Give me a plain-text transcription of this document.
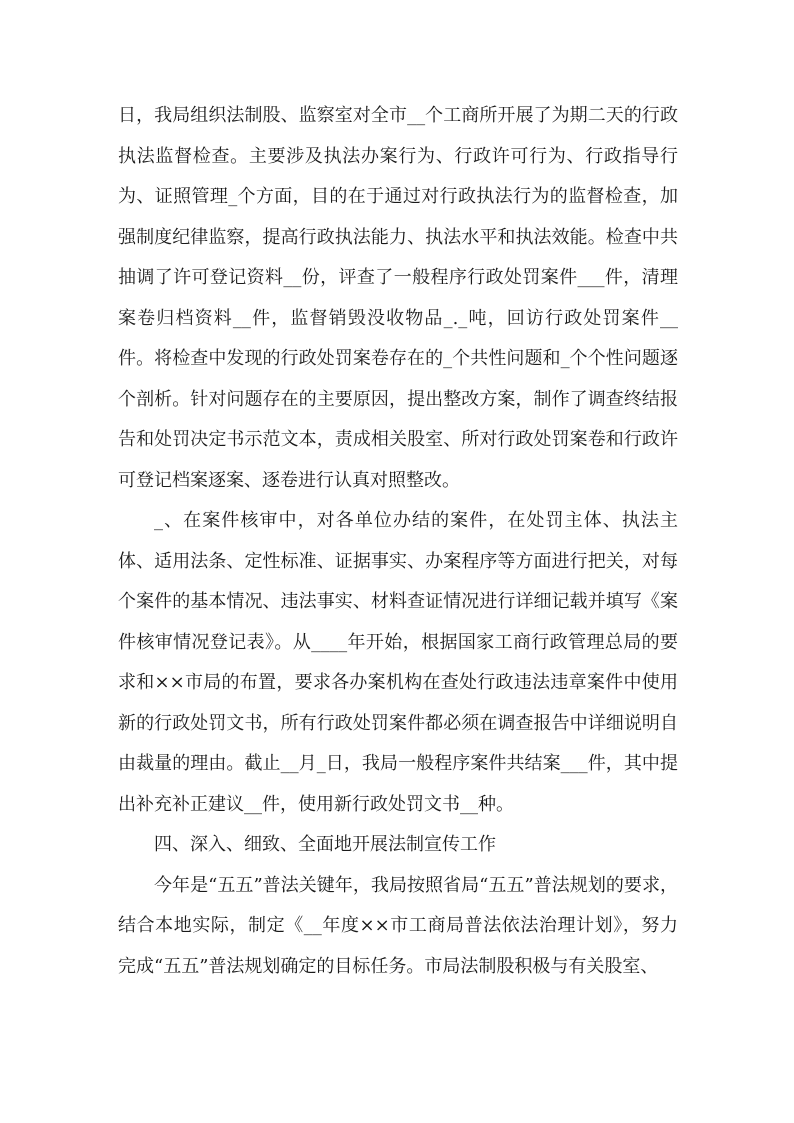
日，我局组织法制股、监察室对全市__个工商所开展了为期二天的行政执法监督检查。主要涉及执法办案行为、行政许可行为、行政指导行为、证照管理_个方面，目的在于通过对行政执法行为的监督检查，加强制度纪律监察，提高行政执法能力、执法水平和执法效能。检查中共抽调了许可登记资料__份，评查了一般程序行政处罚案件___件，清理案卷归档资料__件，监督销毁没收物品_._吨，回访行政处罚案件__件。将检查中发现的行政处罚案卷存在的_个共性问题和_个个性问题逐个剖析。针对问题存在的主要原因，提出整改方案，制作了调查终结报告和处罚决定书示范文本，责成相关股室、所对行政处罚案卷和行政许可登记档案逐案、逐卷进行认真对照整改。

_、在案件核审中，对各单位办结的案件，在处罚主体、执法主体、适用法条、定性标准、证据事实、办案程序等方面进行把关，对每个案件的基本情况、违法事实、材料查证情况进行详细记载并填写《案件核审情况登记表》。从____年开始，根据国家工商行政管理总局的要求和××市局的布置，要求各办案机构在查处行政违法违章案件中使用新的行政处罚文书，所有行政处罚案件都必须在调查报告中详细说明自由裁量的理由。截止__月_日，我局一般程序案件共结案___件，其中提出补充补正建议__件，使用新行政处罚文书__种。

四、深入、细致、全面地开展法制宣传工作

今年是“五五”普法关键年，我局按照省局“五五”普法规划的要求，结合本地实际，制定《__年度××市工商局普法依法治理计划》，努力完成“五五”普法规划确定的目标任务。市局法制股积极与有关股室、
